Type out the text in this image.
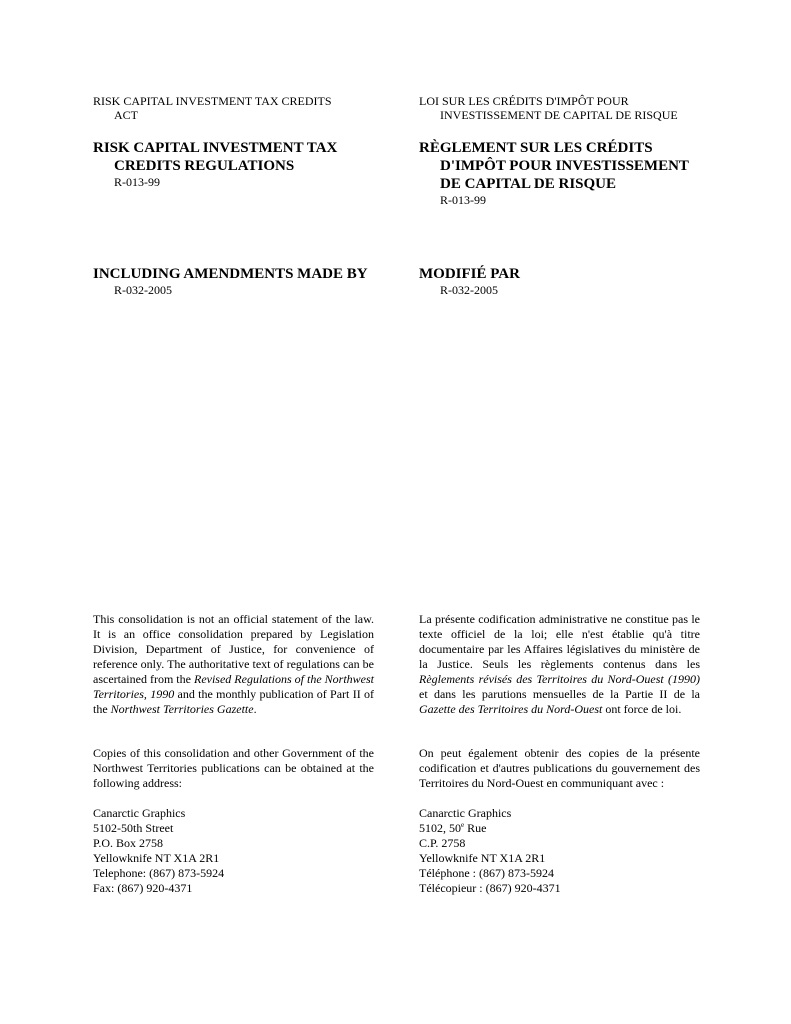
RISK CAPITAL INVESTMENT TAX CREDITS
ACT

RISK CAPITAL INVESTMENT TAX
CREDITS REGULATIONS

R-013-99

INCLUDING AMENDMENTS MADE BY

R-032-2005

This consolidation is not an official statement of the law. It is an office consolidation prepared by Legislation Division, Department of Justice, for convenience of reference only. The authoritative text of regulations can be ascertained from the Revised Regulations of the Northwest Territories, 1990 and the monthly publication of Part II of the Northwest Territories Gazette.

Copies of this consolidation and other Government of the Northwest Territories publications can be obtained at the following address:

Canarctic Graphics
5102-50th Street
P.O. Box 2758
Yellowknife NT X1A 2R1
Telephone: (867) 873-5924
Fax: (867) 920-4371

LOI SUR LES CRÉDITS D'IMPÔT POUR
INVESTISSEMENT DE CAPITAL DE RISQUE

RÈGLEMENT SUR LES CRÉDITS
D'IMPÔT POUR INVESTISSEMENT
DE CAPITAL DE RISQUE

R-013-99

MODIFIÉ PAR

R-032-2005

La présente codification administrative ne constitue pas le texte officiel de la loi; elle n'est établie qu'à titre documentaire par les Affaires législatives du ministère de la Justice. Seuls les règlements contenus dans les Règlements révisés des Territoires du Nord-Ouest (1990) et dans les parutions mensuelles de la Partie II de la Gazette des Territoires du Nord-Ouest ont force de loi.

On peut également obtenir des copies de la présente codification et d'autres publications du gouvernement des Territoires du Nord-Ouest en communiquant avec :

Canarctic Graphics
5102, 50e Rue
C.P. 2758
Yellowknife NT X1A 2R1
Téléphone : (867) 873-5924
Télécopieur : (867) 920-4371
